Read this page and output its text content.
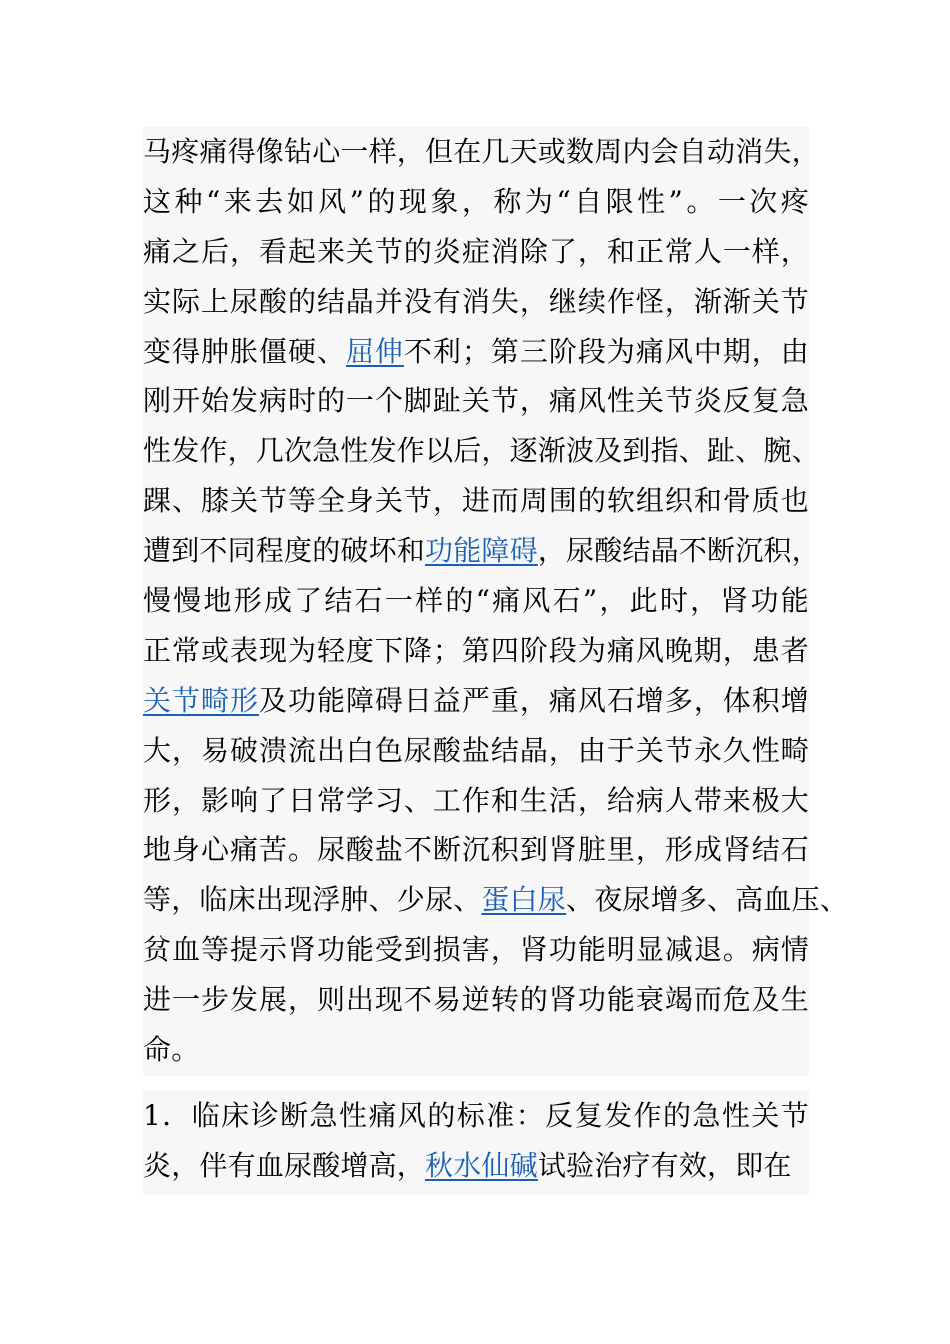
马疼痛得像钻心一样，但在几天或数周内会自动消失，
这种“来去如风”的现象，称为“自限性”。一次疼
痛之后，看起来关节的炎症消除了，和正常人一样，
实际上尿酸的结晶并没有消失，继续作怪，渐渐关节
变得肿胀僵硬、屈伸不利；第三阶段为痛风中期，由
刚开始发病时的一个脚趾关节，痛风性关节炎反复急
性发作，几次急性发作以后，逐渐波及到指、趾、腕、
踝、膝关节等全身关节，进而周围的软组织和骨质也
遭到不同程度的破坏和功能障碍，尿酸结晶不断沉积，
慢慢地形成了结石一样的“痛风石”，此时，肾功能
正常或表现为轻度下降；第四阶段为痛风晚期，患者
关节畸形及功能障碍日益严重，痛风石增多，体积增
大，易破溃流出白色尿酸盐结晶，由于关节永久性畸
形，影响了日常学习、工作和生活，给病人带来极大
地身心痛苦。尿酸盐不断沉积到肾脏里，形成肾结石
等，临床出现浮肿、少尿、蛋白尿、夜尿增多、高血压、
贫血等提示肾功能受到损害，肾功能明显减退。病情
进一步发展，则出现不易逆转的肾功能衰竭而危及生
命。
1．临床诊断急性痛风的标准：反复发作的急性关节
炎，伴有血尿酸增高，秋水仙碱试验治疗有效，即在
